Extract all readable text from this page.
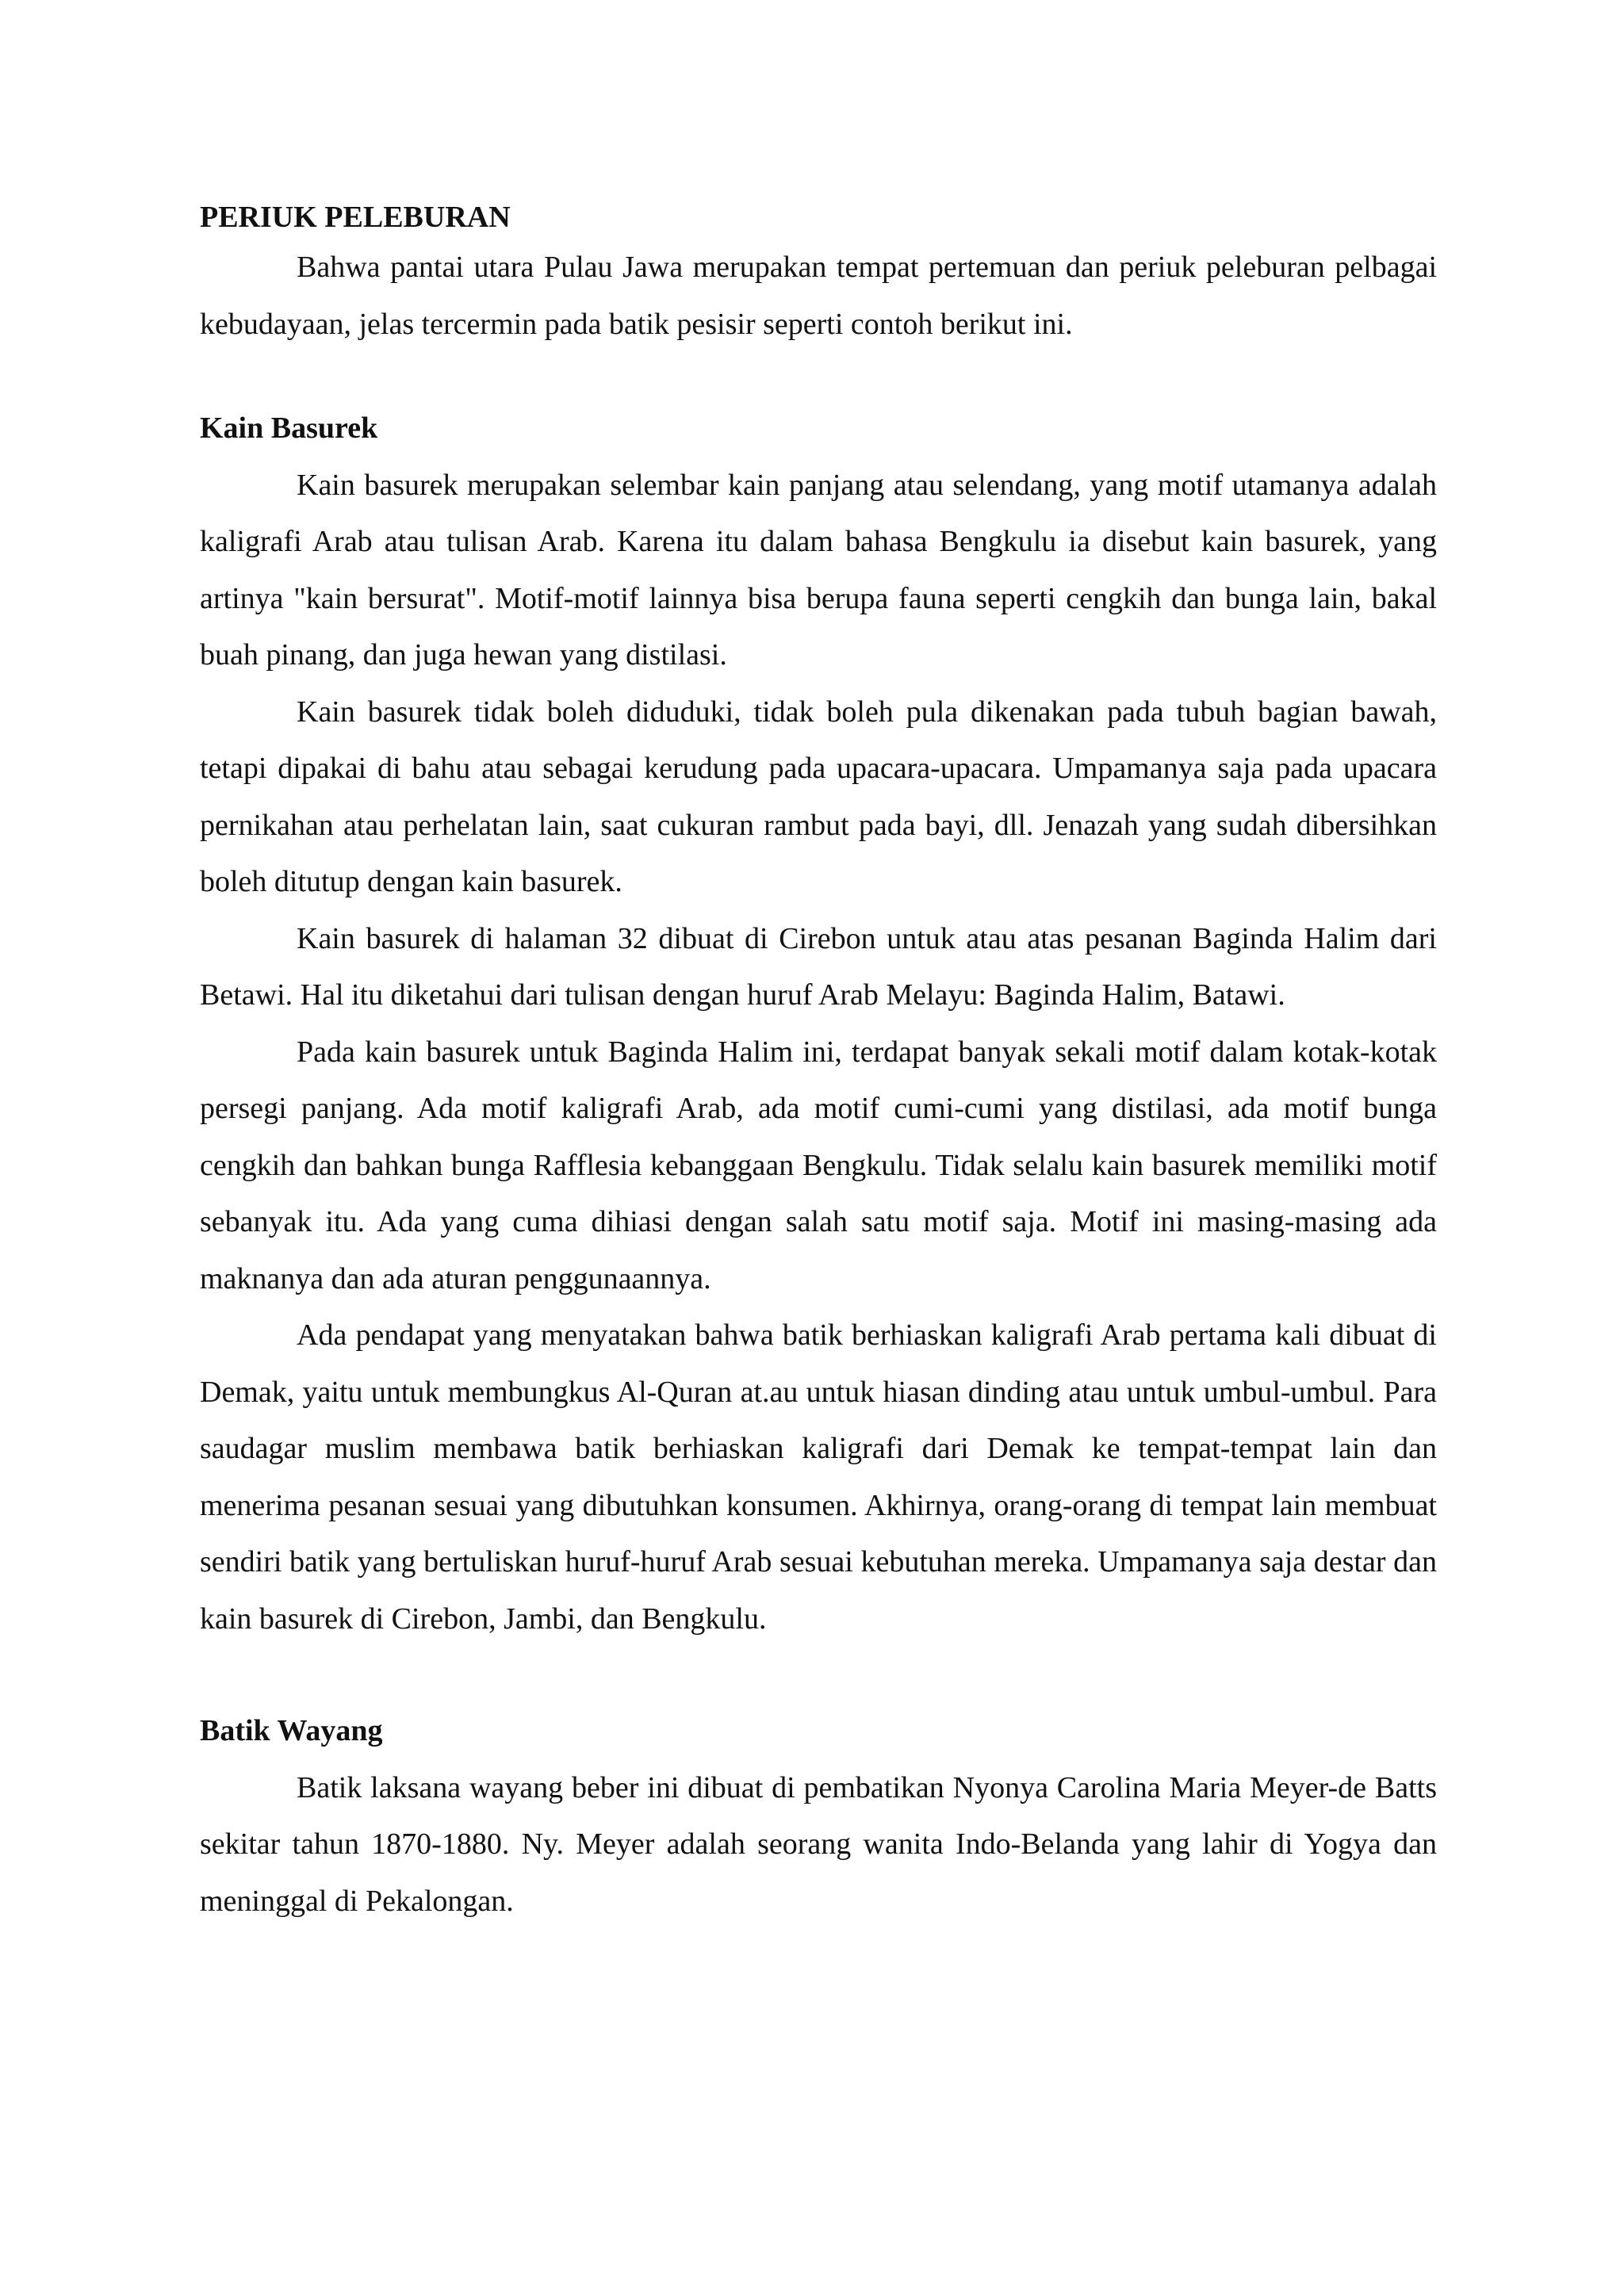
PERIUK PELEBURAN

Bahwa pantai utara Pulau Jawa merupakan tempat pertemuan dan periuk peleburan pelbagai kebudayaan, jelas tercermin pada batik pesisir seperti contoh berikut ini.

Kain Basurek

Kain basurek merupakan selembar kain panjang atau selendang, yang motif utamanya adalah kaligrafi Arab atau tulisan Arab. Karena itu dalam bahasa Bengkulu ia disebut kain basurek, yang artinya "kain bersurat". Motif-motif lainnya bisa berupa fauna seperti cengkih dan bunga lain, bakal buah pinang, dan juga hewan yang distilasi.

Kain basurek tidak boleh diduduki, tidak boleh pula dikenakan pada tubuh bagian bawah, tetapi dipakai di bahu atau sebagai kerudung pada upacara-upacara. Umpamanya saja pada upacara pernikahan atau perhelatan lain, saat cukuran rambut pada bayi, dll. Jenazah yang sudah dibersihkan boleh ditutup dengan kain basurek.

Kain basurek di halaman 32 dibuat di Cirebon untuk atau atas pesanan Baginda Halim dari Betawi. Hal itu diketahui dari tulisan dengan huruf Arab Melayu: Baginda Halim, Batawi.

Pada kain basurek untuk Baginda Halim ini, terdapat banyak sekali motif dalam kotak-kotak persegi panjang. Ada motif kaligrafi Arab, ada motif cumi-cumi yang distilasi, ada motif bunga cengkih dan bahkan bunga Rafflesia kebanggaan Bengkulu. Tidak selalu kain basurek memiliki motif sebanyak itu. Ada yang cuma dihiasi dengan salah satu motif saja. Motif ini masing-masing ada maknanya dan ada aturan penggunaannya.

Ada pendapat yang menyatakan bahwa batik berhiaskan kaligrafi Arab pertama kali dibuat di Demak, yaitu untuk membungkus Al-Quran at.au untuk hiasan dinding atau untuk umbul-umbul. Para saudagar muslim membawa batik berhiaskan kaligrafi dari Demak ke tempat-tempat lain dan menerima pesanan sesuai yang dibutuhkan konsumen. Akhirnya, orang-orang di tempat lain membuat sendiri batik yang bertuliskan huruf-huruf Arab sesuai kebutuhan mereka. Umpamanya saja destar dan kain basurek di Cirebon, Jambi, dan Bengkulu.

Batik Wayang

Batik laksana wayang beber ini dibuat di pembatikan Nyonya Carolina Maria Meyer-de Batts sekitar tahun 1870-1880. Ny. Meyer adalah seorang wanita Indo-Belanda yang lahir di Yogya dan meninggal di Pekalongan.
